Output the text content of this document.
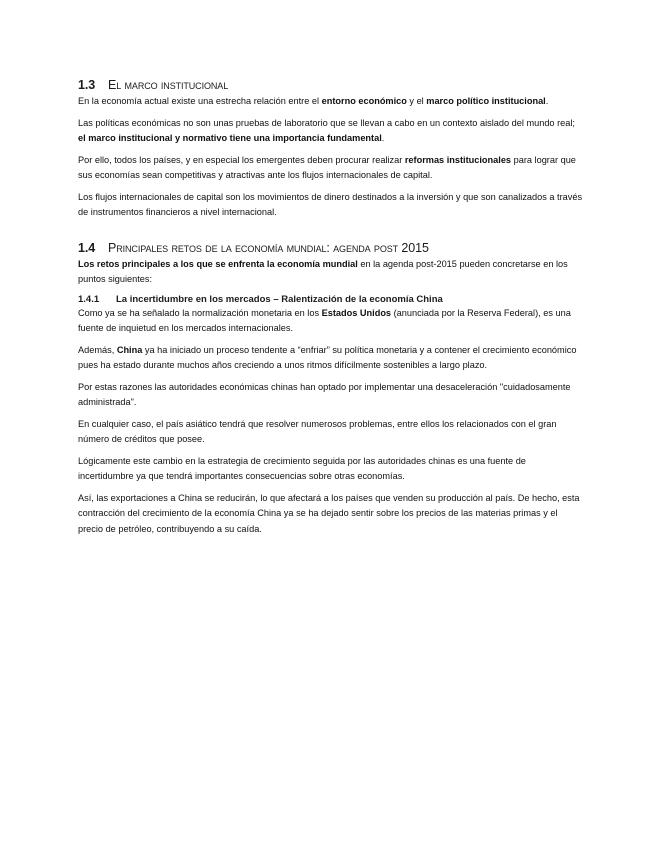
1.3 El marco institucional

En la economía actual existe una estrecha relación entre el entorno económico y el marco político institucional.

Las políticas económicas no son unas pruebas de laboratorio que se llevan a cabo en un contexto aislado del mundo real; el marco institucional y normativo tiene una importancia fundamental.

Por ello, todos los países, y en especial los emergentes deben procurar realizar reformas institucionales para lograr que sus economías sean competitivas y atractivas ante los flujos internacionales de capital.

Los flujos internacionales de capital son los movimientos de dinero destinados a la inversión y que son canalizados a través de instrumentos financieros a nivel internacional.

1.4 Principales retos de la economía mundial: agenda post 2015

Los retos principales a los que se enfrenta la economía mundial en la agenda post-2015 pueden concretarse en los puntos siguientes:

1.4.1 La incertidumbre en los mercados – Ralentización de la economía China

Como ya se ha señalado la normalización monetaria en los Estados Unidos (anunciada por la Reserva Federal), es una fuente de inquietud en los mercados internacionales.

Además, China ya ha iniciado un proceso tendente a “enfriar” su política monetaria y a contener el crecimiento económico pues ha estado durante muchos años creciendo a unos ritmos difícilmente sostenibles a largo plazo.

Por estas razones las autoridades económicas chinas han optado por implementar una desaceleración "cuidadosamente administrada".

En cualquier caso, el país asiático tendrá que resolver numerosos problemas, entre ellos los relacionados con el gran número de créditos que posee.

Lógicamente este cambio en la estrategia de crecimiento seguida por las autoridades chinas es una fuente de incertidumbre ya que tendrá importantes consecuencias sobre otras economías.

Así, las exportaciones a China se reducirán, lo que afectará a los países que venden su producción al país. De hecho, esta contracción del crecimiento de la economía China ya se ha dejado sentir sobre los precios de las materias primas y el precio de petróleo, contribuyendo a su caída.
